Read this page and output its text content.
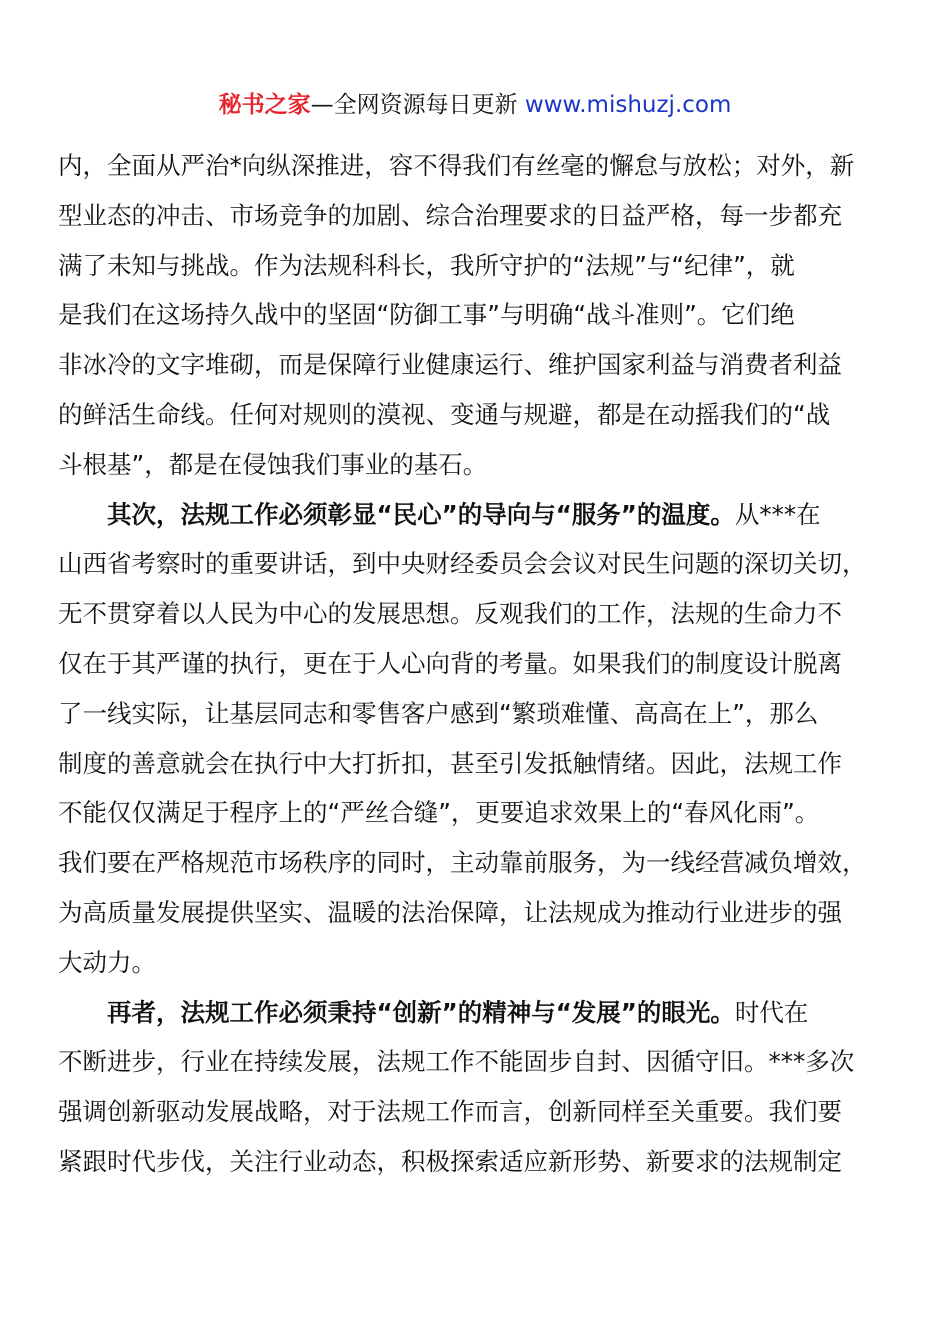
秘书之家—全网资源每日更新 www.mishuzj.com
内，全面从严治*向纵深推进，容不得我们有丝毫的懈怠与放松；对外，新
型业态的冲击、市场竞争的加剧、综合治理要求的日益严格，每一步都充
满了未知与挑战。作为法规科科长，我所守护的“法规”与“纪律”，就
是我们在这场持久战中的坚固“防御工事”与明确“战斗准则”。它们绝
非冰冷的文字堆砌，而是保障行业健康运行、维护国家利益与消费者利益
的鲜活生命线。任何对规则的漠视、变通与规避，都是在动摇我们的“战
斗根基”，都是在侵蚀我们事业的基石。
其次，法规工作必须彰显“民心”的导向与“服务”的温度。从***在
山西省考察时的重要讲话，到中央财经委员会会议对民生问题的深切关切，
无不贯穿着以人民为中心的发展思想。反观我们的工作，法规的生命力不
仅在于其严谨的执行，更在于人心向背的考量。如果我们的制度设计脱离
了一线实际，让基层同志和零售客户感到“繁琐难懂、高高在上”，那么
制度的善意就会在执行中大打折扣，甚至引发抵触情绪。因此，法规工作
不能仅仅满足于程序上的“严丝合缝”，更要追求效果上的“春风化雨”。
我们要在严格规范市场秩序的同时，主动靠前服务，为一线经营减负增效，
为高质量发展提供坚实、温暖的法治保障，让法规成为推动行业进步的强
大动力。
再者，法规工作必须秉持“创新”的精神与“发展”的眼光。时代在
不断进步，行业在持续发展，法规工作不能固步自封、因循守旧。***多次
强调创新驱动发展战略，对于法规工作而言，创新同样至关重要。我们要
紧跟时代步伐，关注行业动态，积极探索适应新形势、新要求的法规制定
